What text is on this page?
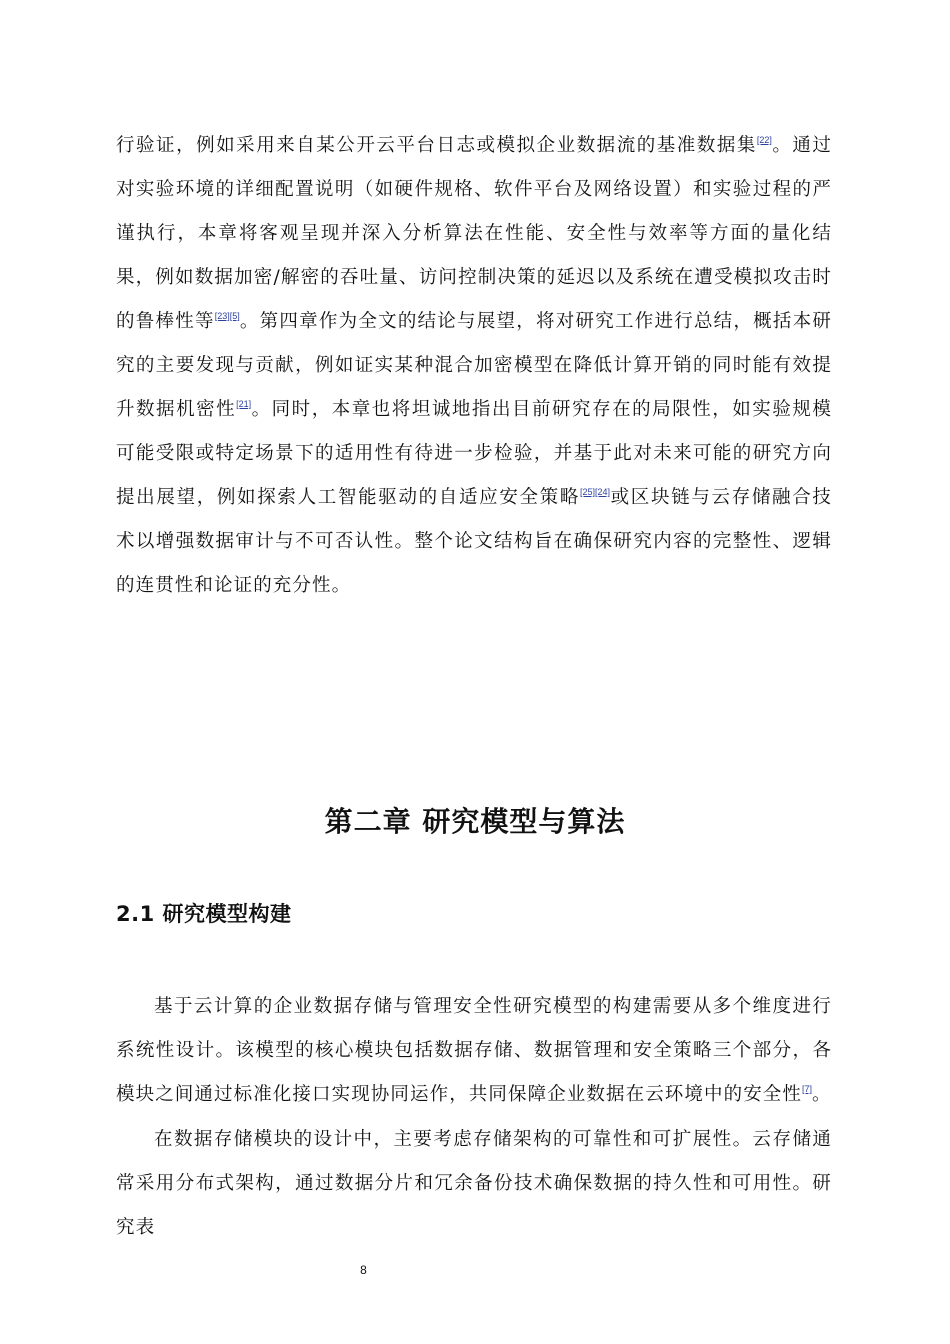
行验证，例如采用来自某公开云平台日志或模拟企业数据流的基准数据集[22]。通过对实验环境的详细配置说明（如硬件规格、软件平台及网络设置）和实验过程的严谨执行，本章将客观呈现并深入分析算法在性能、安全性与效率等方面的量化结果，例如数据加密/解密的吞吐量、访问控制决策的延迟以及系统在遭受模拟攻击时的鲁棒性等[23][5]。第四章作为全文的结论与展望，将对研究工作进行总结，概括本研究的主要发现与贡献，例如证实某种混合加密模型在降低计算开销的同时能有效提升数据机密性[21]。同时，本章也将坦诚地指出目前研究存在的局限性，如实验规模可能受限或特定场景下的适用性有待进一步检验，并基于此对未来可能的研究方向提出展望，例如探索人工智能驱动的自适应安全策略[25][24]或区块链与云存储融合技术以增强数据审计与不可否认性。整个论文结构旨在确保研究内容的完整性、逻辑的连贯性和论证的充分性。

第二章 研究模型与算法
2.1 研究模型构建

基于云计算的企业数据存储与管理安全性研究模型的构建需要从多个维度进行系统性设计。该模型的核心模块包括数据存储、数据管理和安全策略三个部分，各模块之间通过标准化接口实现协同运作，共同保障企业数据在云环境中的安全性[7]。

在数据存储模块的设计中，主要考虑存储架构的可靠性和可扩展性。云存储通常采用分布式架构，通过数据分片和冗余备份技术确保数据的持久性和可用性。研究表

8
